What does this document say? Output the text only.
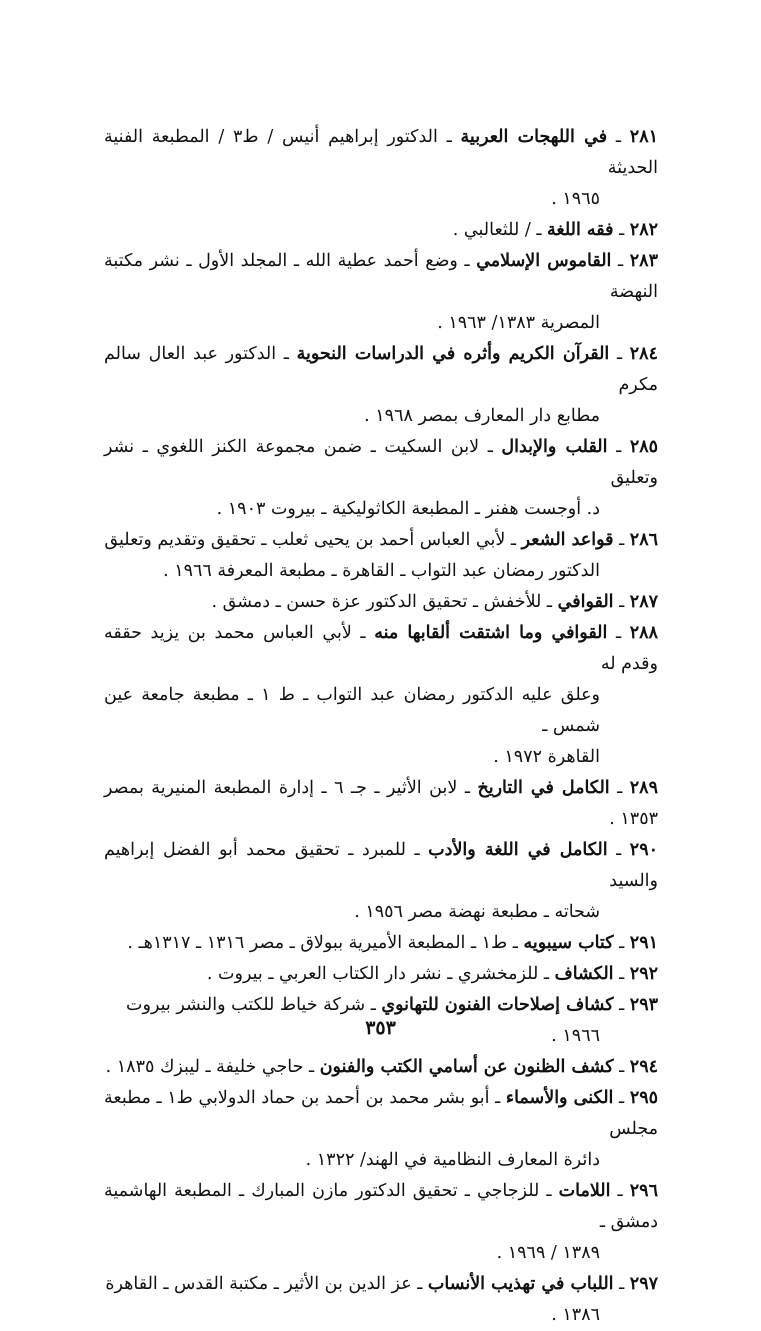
٢٨١ ـ في اللهجات العربية ـ الدكتور إبراهيم أنيس / ط٣ / المطبعة الفنية الحديثة
١٩٦٥ .

٢٨٢ ـ فقه اللغة ـ / للثعالبي .

٢٨٣ ـ القاموس الإسلامي ـ وضع أحمد عطية الله ـ المجلد الأول ـ نشر مكتبة النهضة
المصرية ١٣٨٣/ ١٩٦٣ .

٢٨٤ ـ القرآن الكريم وأثره في الدراسات النحوية ـ الدكتور عبد العال سالم مكرم
مطابع دار المعارف بمصر ١٩٦٨ .

٢٨٥ ـ القلب والإبدال ـ لابن السكيت ـ ضمن مجموعة الكنز اللغوي ـ نشر وتعليق
د. أوجست هفنر ـ المطبعة الكاثوليكية ـ بيروت ١٩٠٣ .

٢٨٦ ـ قواعد الشعر ـ لأبي العباس أحمد بن يحيى ثعلب ـ تحقيق وتقديم وتعليق
الدكتور رمضان عبد التواب ـ القاهرة ـ مطبعة المعرفة ١٩٦٦ .

٢٨٧ ـ القوافي ـ للأخفش ـ تحقيق الدكتور عزة حسن ـ دمشق .

٢٨٨ ـ القوافي وما اشتقت ألقابها منه ـ لأبي العباس محمد بن يزيد حققه وقدم له
وعلق عليه الدكتور رمضان عبد التواب ـ ط ١ ـ مطبعة جامعة عين شمس ـ
القاهرة ١٩٧٢ .

٢٨٩ ـ الكامل في التاريخ ـ لابن الأثير ـ جـ ٦ ـ إدارة المطبعة المنيرية بمصر ١٣٥٣ .

٢٩٠ ـ الكامل في اللغة والأدب ـ للمبرد ـ تحقيق محمد أبو الفضل إبراهيم والسيد
شحاته ـ مطبعة نهضة مصر ١٩٥٦ .

٢٩١ ـ كتاب سيبويه ـ ط١ ـ المطبعة الأميرية ببولاق ـ مصر ١٣١٦ ـ ١٣١٧هـ .

٢٩٢ ـ الكشاف ـ للزمخشري ـ نشر دار الكتاب العربي ـ بيروت .

٢٩٣ ـ كشاف إصلاحات الفنون للتهانوي ـ شركة خياط للكتب والنشر بيروت
١٩٦٦ .

٢٩٤ ـ كشف الظنون عن أسامي الكتب والفنون ـ حاجي خليفة ـ ليبزك ١٨٣٥ .

٢٩٥ ـ الكنى والأسماء ـ أبو بشر محمد بن أحمد بن حماد الدولابي ط١ ـ مطبعة مجلس
دائرة المعارف النظامية في الهند/ ١٣٢٢ .

٢٩٦ ـ اللامات ـ للزجاجي ـ تحقيق الدكتور مازن المبارك ـ المطبعة الهاشمية دمشق ـ
١٣٨٩ / ١٩٦٩ .

٢٩٧ ـ اللباب في تهذيب الأنساب ـ عز الدين بن الأثير ـ مكتبة القدس ـ القاهرة
١٣٨٦ .

٣٥٣
